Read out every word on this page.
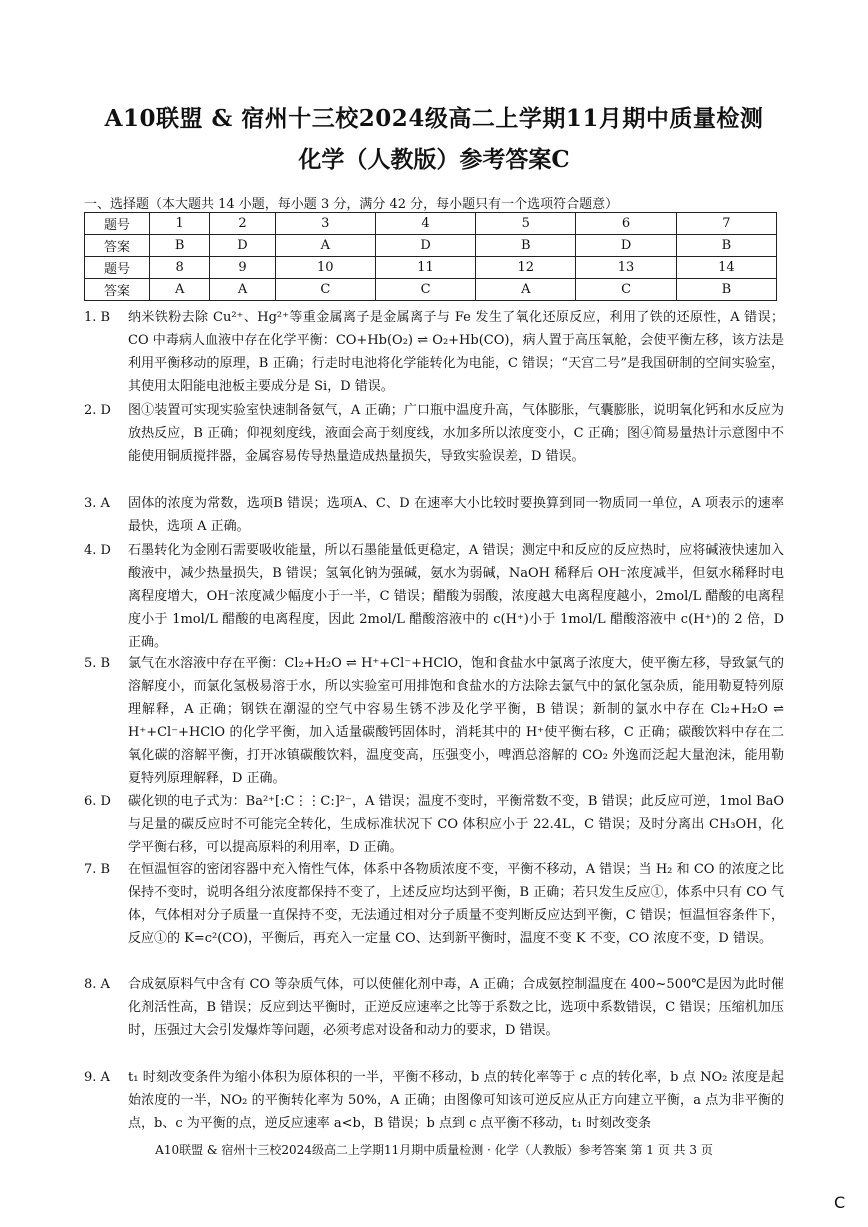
A10联盟 & 宿州十三校2024级高二上学期11月期中质量检测
化学（人教版）参考答案C
一、选择题（本大题共 14 小题，每小题 3 分，满分 42 分，每小题只有一个选项符合题意）
题号	1	2	3	4	5	6	7
答案	B	D	A	D	B	D	B
题号	8	9	10	11	12	13	14
答案	A	A	C	C	A	C	B
1. B	纳米铁粉去除 Cu²⁺、Hg²⁺等重金属离子是金属离子与 Fe 发生了氧化还原反应，利用了铁的还原性，A 错误；CO 中毒病人血液中存在化学平衡：CO+Hb(O₂) ⇌ O₂+Hb(CO)，病人置于高压氧舱，会使平衡左移，该方法是利用平衡移动的原理，B 正确；行走时电池将化学能转化为电能，C 错误；“天宫二号”是我国研制的空间实验室，其使用太阳能电池板主要成分是 Si，D 错误。
2. D	图①装置可实现实验室快速制备氨气，A 正确；广口瓶中温度升高，气体膨胀，气囊膨胀，说明氧化钙和水反应为放热反应，B 正确；仰视刻度线，液面会高于刻度线，水加多所以浓度变小，C 正确；图④简易量热计示意图中不能使用铜质搅拌器，金属容易传导热量造成热量损失，导致实验误差，D 错误。
3. A	固体的浓度为常数，选项B 错误；选项A、C、D 在速率大小比较时要换算到同一物质同一单位，A 项表示的速率最快，选项 A 正确。
4. D	石墨转化为金刚石需要吸收能量，所以石墨能量低更稳定，A 错误；测定中和反应的反应热时，应将碱液快速加入酸液中，减少热量损失，B 错误；氢氧化钠为强碱，氨水为弱碱，NaOH 稀释后 OH⁻浓度减半，但氨水稀释时电离程度增大，OH⁻浓度减少幅度小于一半，C 错误；醋酸为弱酸，浓度越大电离程度越小，2mol/L 醋酸的电离程度小于 1mol/L 醋酸的电离程度，因此 2mol/L 醋酸溶液中的 c(H⁺)小于 1mol/L 醋酸溶液中 c(H⁺)的 2 倍，D 正确。
5. B	氯气在水溶液中存在平衡：Cl₂+H₂O ⇌ H⁺+Cl⁻+HClO，饱和食盐水中氯离子浓度大，使平衡左移，导致氯气的溶解度小，而氯化氢极易溶于水，所以实验室可用排饱和食盐水的方法除去氯气中的氯化氢杂质，能用勒夏特列原理解释，A 正确；钢铁在潮湿的空气中容易生锈不涉及化学平衡，B 错误；新制的氯水中存在 Cl₂+H₂O ⇌ H⁺+Cl⁻+HClO 的化学平衡，加入适量碳酸钙固体时，消耗其中的 H⁺使平衡右移，C 正确；碳酸饮料中存在二氧化碳的溶解平衡，打开冰镇碳酸饮料，温度变高，压强变小，啤酒总溶解的 CO₂ 外逸而泛起大量泡沫，能用勒夏特列原理解释，D 正确。
6. D	碳化钡的电子式为：Ba²⁺[:C⋮⋮C:]²⁻，A 错误；温度不变时，平衡常数不变，B 错误；此反应可逆，1mol BaO 与足量的碳反应时不可能完全转化，生成标准状况下 CO 体积应小于 22.4L，C 错误；及时分离出 CH₃OH，化学平衡右移，可以提高原料的利用率，D 正确。
7. B	在恒温恒容的密闭容器中充入惰性气体，体系中各物质浓度不变，平衡不移动，A 错误；当 H₂ 和 CO 的浓度之比保持不变时，说明各组分浓度都保持不变了，上述反应均达到平衡，B 正确；若只发生反应①，体系中只有 CO 气体，气体相对分子质量一直保持不变，无法通过相对分子质量不变判断反应达到平衡，C 错误；恒温恒容条件下，反应①的 K=c²(CO)，平衡后，再充入一定量 CO、达到新平衡时，温度不变 K 不变，CO 浓度不变，D 错误。
8. A	合成氨原料气中含有 CO 等杂质气体，可以使催化剂中毒，A 正确；合成氨控制温度在 400~500℃是因为此时催化剂活性高，B 错误；反应到达平衡时，正逆反应速率之比等于系数之比，选项中系数错误，C 错误；压缩机加压时，压强过大会引发爆炸等问题，必须考虑对设备和动力的要求，D 错误。
9. A	t₁ 时刻改变条件为缩小体积为原体积的一半，平衡不移动，b 点的转化率等于 c 点的转化率，b 点 NO₂ 浓度是起始浓度的一半，NO₂ 的平衡转化率为 50%，A 正确；由图像可知该可逆反应从正方向建立平衡，a 点为非平衡的点，b、c 为平衡的点，逆反应速率 a<b，B 错误；b 点到 c 点平衡不移动，t₁ 时刻改变条
A10联盟 & 宿州十三校2024级高二上学期11月期中质量检测 · 化学（人教版）参考答案 第 1 页 共 3 页
C
